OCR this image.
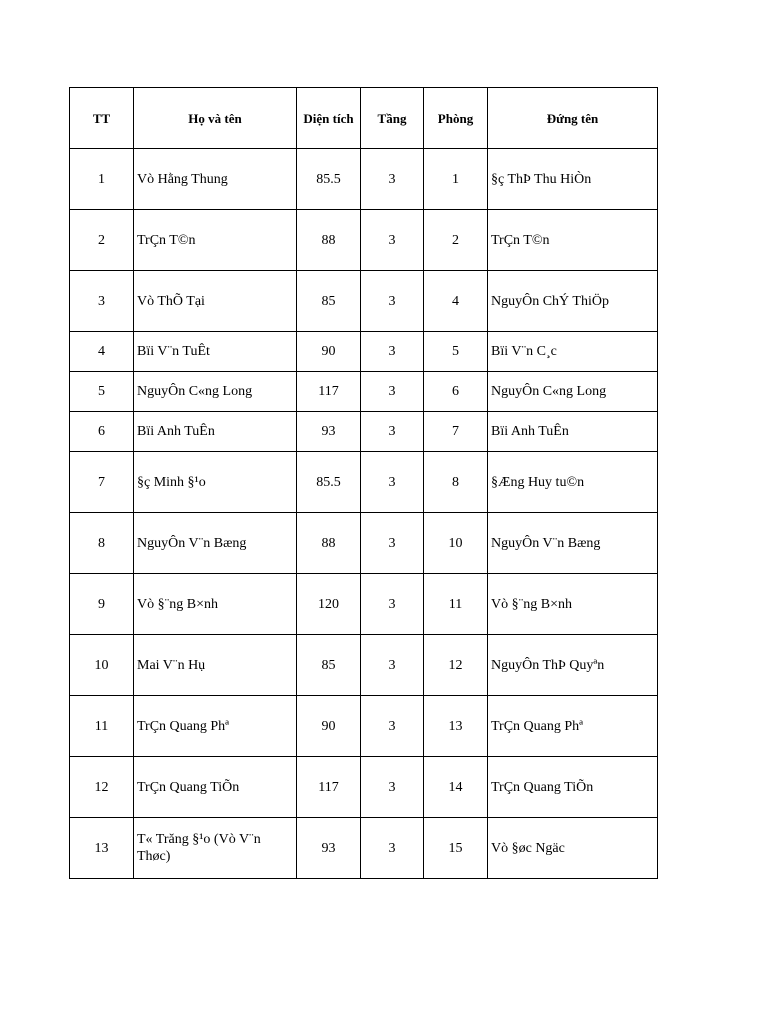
TT	Họ và tên	Diện tích	Tầng	Phòng	Đứng tên
1	Vò Hằng Thung	85.5	3	1	§ç ThÞ Thu HiÒn
2	TrÇn T©n	88	3	2	TrÇn T©n
3	Vò ThÕ Tại	85	3	4	NguyÔn ChÝ ThiÖp
4	Bïi V¨n TuÊt	90	3	5	Bïi V¨n C¸c
5	NguyÔn C«ng Long	117	3	6	NguyÔn C«ng Long
6	Bïi Anh TuÊn	93	3	7	Bïi Anh TuÊn
7	§ç Minh §¹o	85.5	3	8	§Æng Huy tu©n
8	NguyÔn V¨n Bæng	88	3	10	NguyÔn V¨n Bæng
9	Vò §¨ng B×nh	120	3	11	Vò §¨ng B×nh
10	Mai V¨n Hụ	85	3	12	NguyÔn ThÞ Quyªn
11	TrÇn Quang Phª	90	3	13	TrÇn Quang Phª
12	TrÇn Quang TiÕn	117	3	14	TrÇn Quang TiÕn
13	T« Trăng §¹o (Vò V¨n Thøc)	93	3	15	Vò §øc Ngäc
